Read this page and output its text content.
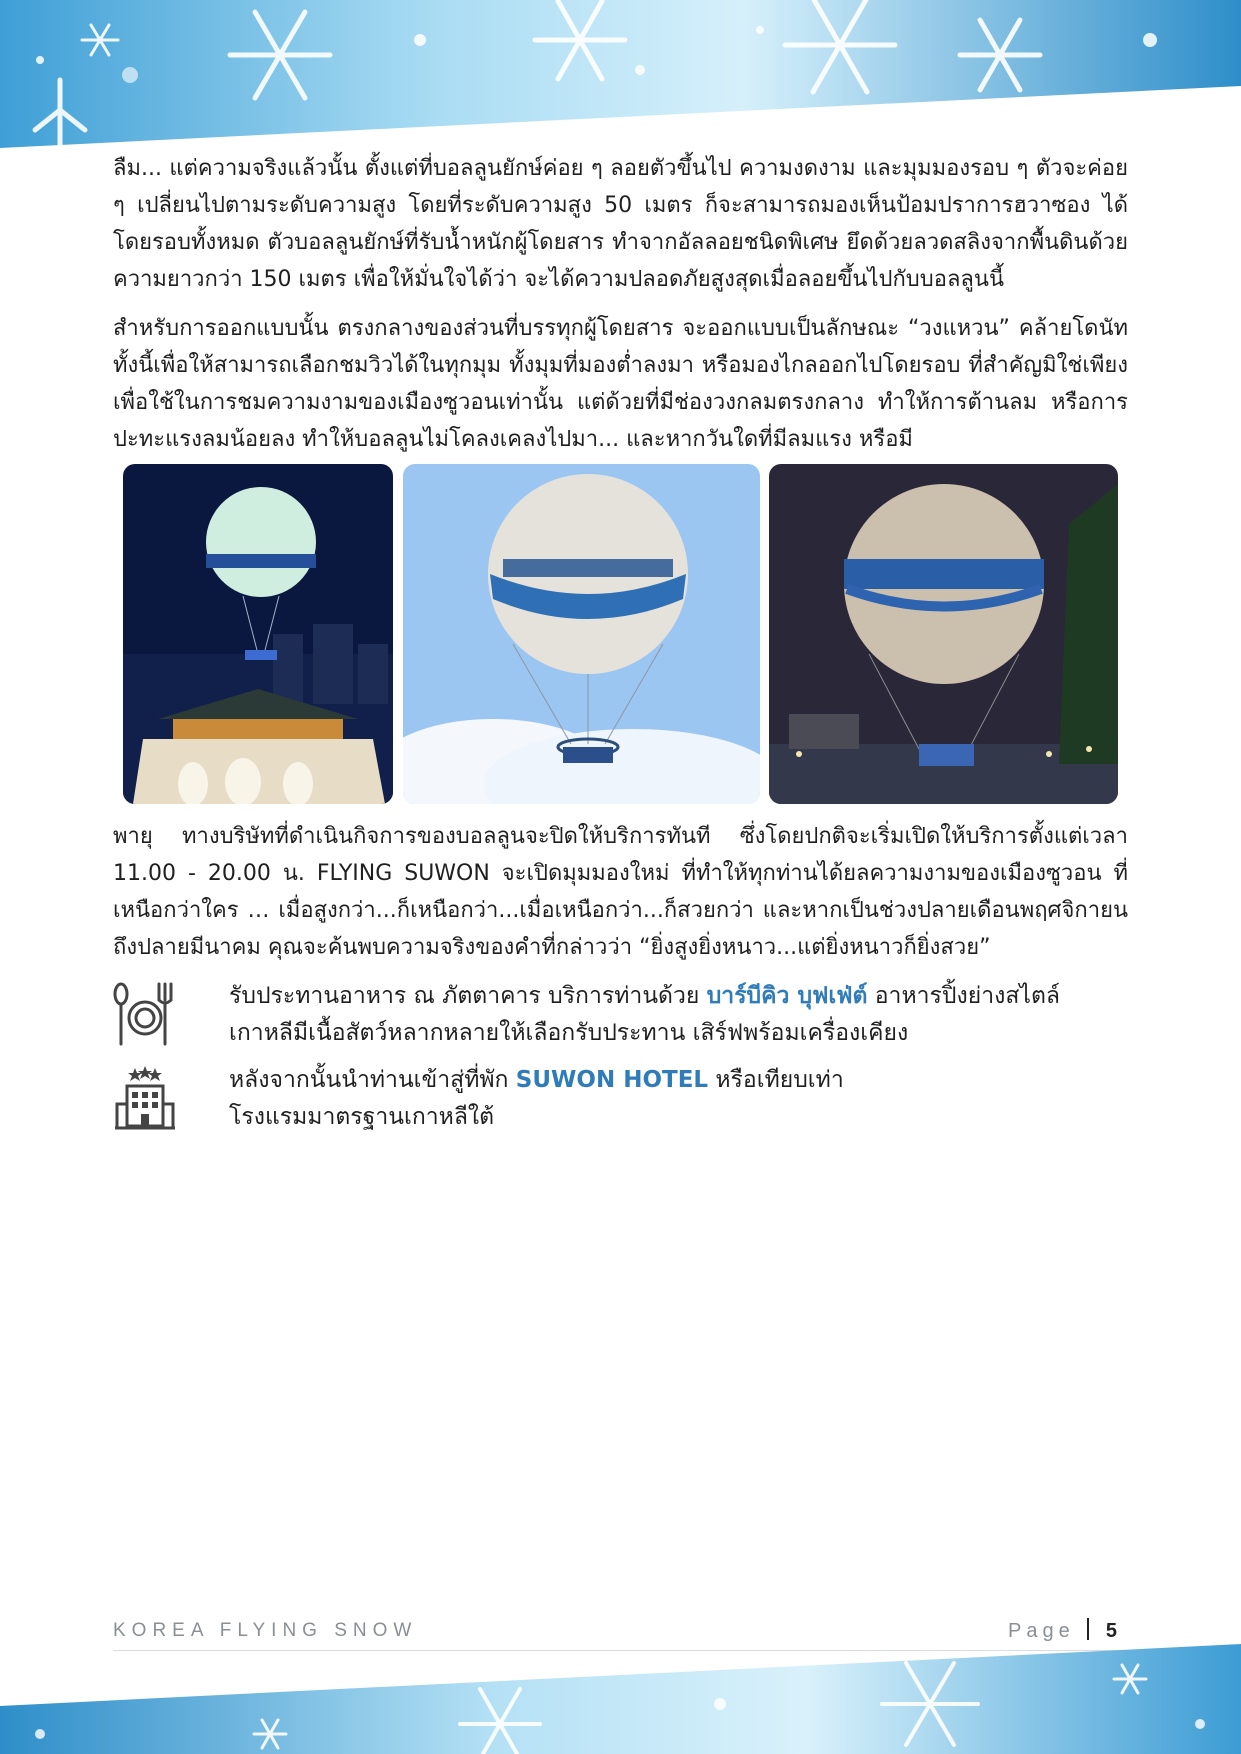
ลืม... แต่ความจริงแล้วนั้น ตั้งแต่ที่บอลลูนยักษ์ค่อย ๆ ลอยตัวขึ้นไป ความงดงาม และมุมมองรอบ ๆ ตัวจะค่อย ๆ เปลี่ยนไปตามระดับความสูง โดยที่ระดับความสูง 50 เมตร ก็จะสามารถมองเห็นป้อมปราการฮวาซอง ได้โดยรอบทั้งหมด ตัวบอลลูนยักษ์ที่รับน้ำหนักผู้โดยสาร ทำจากอัลลอยชนิดพิเศษ ยึดด้วยลวดสลิงจากพื้นดินด้วยความยาวกว่า 150 เมตร เพื่อให้มั่นใจได้ว่า จะได้ความปลอดภัยสูงสุดเมื่อลอยขึ้นไปกับบอลลูนนี้

สำหรับการออกแบบนั้น ตรงกลางของส่วนที่บรรทุกผู้โดยสาร จะออกแบบเป็นลักษณะ “วงแหวน” คล้ายโดนัท ทั้งนี้เพื่อให้สามารถเลือกชมวิวได้ในทุกมุม ทั้งมุมที่มองต่ำลงมา หรือมองไกลออกไปโดยรอบ ที่สำคัญมิใช่เพียงเพื่อใช้ในการชมความงามของเมืองซูวอนเท่านั้น แต่ด้วยที่มีช่องวงกลมตรงกลาง ทำให้การต้านลม หรือการปะทะแรงลมน้อยลง ทำให้บอลลูนไม่โคลงเคลงไปมา... และหากวันใดที่มีลมแรง หรือมี

พายุ ทางบริษัทที่ดำเนินกิจการของบอลลูนจะปิดให้บริการทันที ซึ่งโดยปกติจะเริ่มเปิดให้บริการตั้งแต่เวลา 11.00 - 20.00 น. FLYING SUWON จะเปิดมุมมองใหม่ ที่ทำให้ทุกท่านได้ยลความงามของเมืองซูวอน ที่เหนือกว่าใคร … เมื่อสูงกว่า...ก็เหนือกว่า...เมื่อเหนือกว่า...ก็สวยกว่า และหากเป็นช่วงปลายเดือนพฤศจิกายน ถึงปลายมีนาคม คุณจะค้นพบความจริงของคำที่กล่าวว่า “ยิ่งสูงยิ่งหนาว...แต่ยิ่งหนาวก็ยิ่งสวย”

รับประทานอาหาร ณ ภัตตาคาร บริการท่านด้วย บาร์บีคิว บุฟเฟ่ต์ อาหารปิ้งย่างสไตล์
เกาหลีมีเนื้อสัตว์หลากหลายให้เลือกรับประทาน เสิร์ฟพร้อมเครื่องเคียง
หลังจากนั้นนำท่านเข้าสู่ที่พัก SUWON HOTEL หรือเทียบเท่า
โรงแรมมาตรฐานเกาหลีใต้
KOREA FLYING SNOW	Page 5
